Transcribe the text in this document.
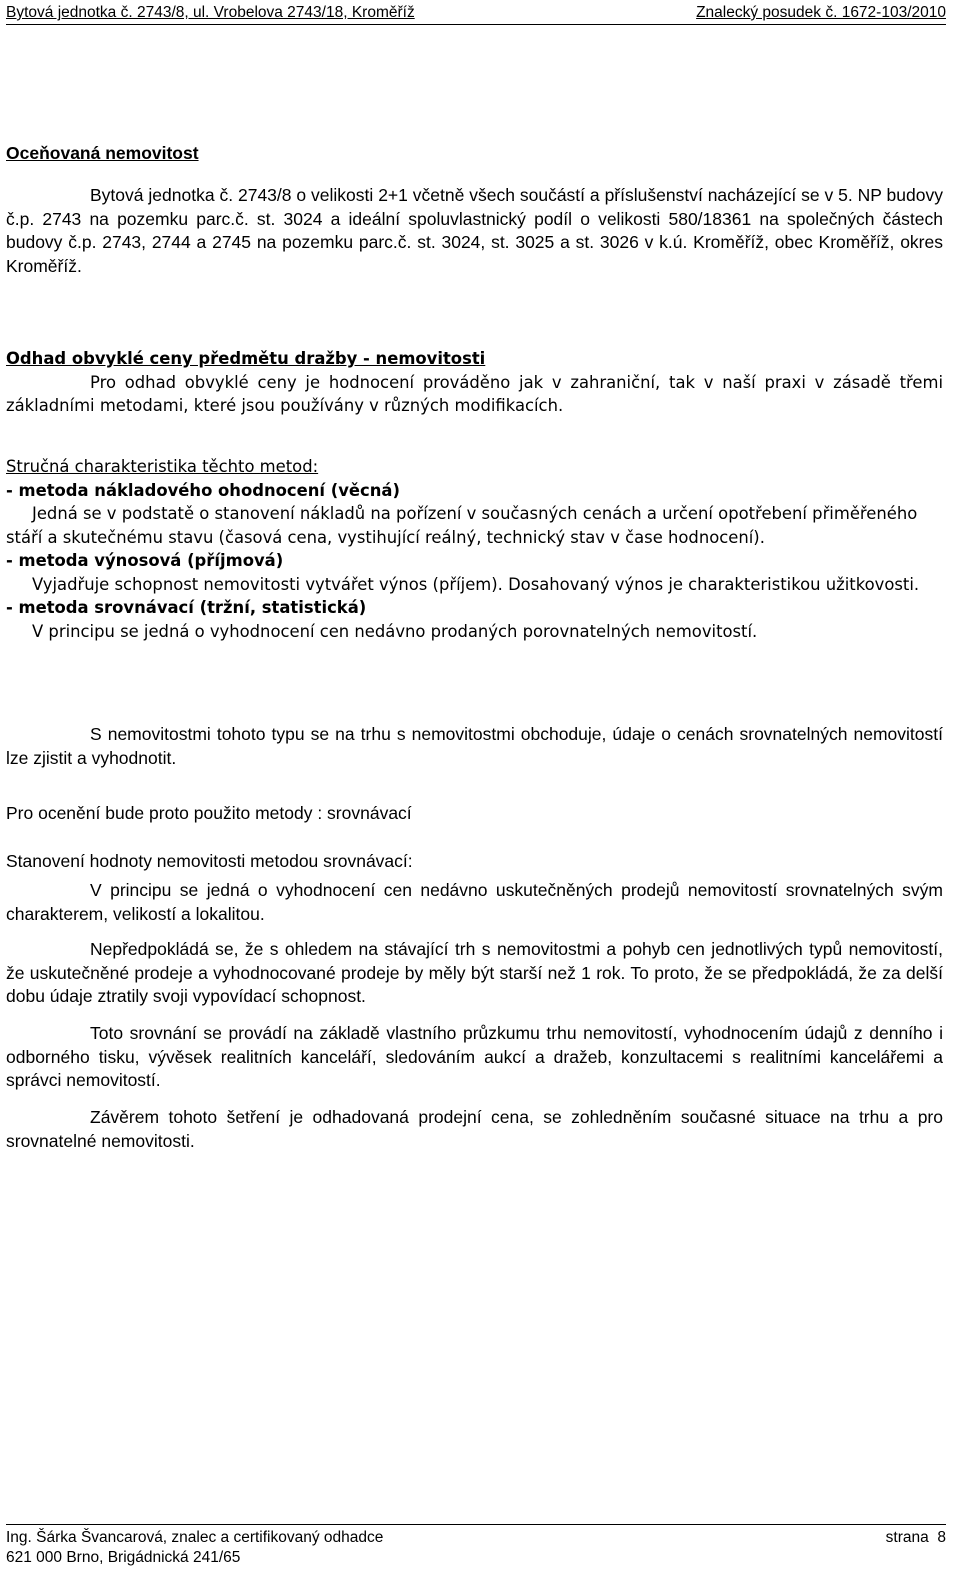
Bytová jednotka č. 2743/8, ul. Vrobelova 2743/18, Kroměříž	Znalecký posudek č. 1672-103/2010
Oceňovaná nemovitost
Bytová jednotka č. 2743/8 o velikosti 2+1 včetně všech součástí a příslušenství nacházející se v 5. NP budovy č.p. 2743 na pozemku parc.č. st. 3024 a ideální spoluvlastnický podíl o velikosti 580/18361 na společných částech budovy č.p. 2743, 2744 a 2745 na pozemku parc.č. st. 3024, st. 3025 a st. 3026 v k.ú. Kroměříž, obec Kroměříž, okres Kroměříž.
Odhad obvyklé ceny předmětu dražby - nemovitosti
Pro odhad obvyklé ceny je hodnocení prováděno jak v zahraniční, tak v naší praxi v zásadě třemi základními metodami, které jsou používány v různých modifikacích.
Stručná charakteristika těchto metod:
- metoda nákladového ohodnocení (věcná)
Jedná se v podstatě o stanovení nákladů na pořízení v současných cenách a určení opotřebení přiměřeného stáří a skutečnému stavu (časová cena, vystihující reálný, technický stav v čase hodnocení).
- metoda výnosová (příjmová)
Vyjadřuje schopnost nemovitosti vytvářet výnos (příjem). Dosahovaný výnos je charakteristikou užitkovosti.
- metoda srovnávací (tržní, statistická)
V principu se jedná o vyhodnocení cen nedávno prodaných porovnatelných nemovitostí.
S nemovitostmi tohoto typu se na trhu s nemovitostmi obchoduje, údaje o cenách srovnatelných nemovitostí lze zjistit a vyhodnotit.
Pro ocenění bude proto použito metody : srovnávací
Stanovení hodnoty nemovitosti metodou srovnávací:
V principu se jedná o vyhodnocení cen nedávno uskutečněných prodejů nemovitostí srovnatelných svým charakterem, velikostí a lokalitou.
Nepředpokládá se, že s ohledem na stávající trh s nemovitostmi a pohyb cen jednotlivých typů nemovitostí, že uskutečněné prodeje a vyhodnocované prodeje by měly být starší než 1 rok. To proto, že se předpokládá, že za delší dobu údaje ztratily svoji vypovídací schopnost.
Toto srovnání se provádí na základě vlastního průzkumu trhu nemovitostí, vyhodnocením údajů z denního i odborného tisku, vývěsek realitních kanceláří, sledováním aukcí a dražeb, konzultacemi s realitními kancelářemi a správci nemovitostí.
Závěrem tohoto šetření je odhadovaná prodejní cena, se zohledněním současné situace na trhu a pro srovnatelné nemovitosti.
Ing. Šárka Švancarová, znalec a certifikovaný odhadce
621 000 Brno, Brigádnická 241/65
strana 8
